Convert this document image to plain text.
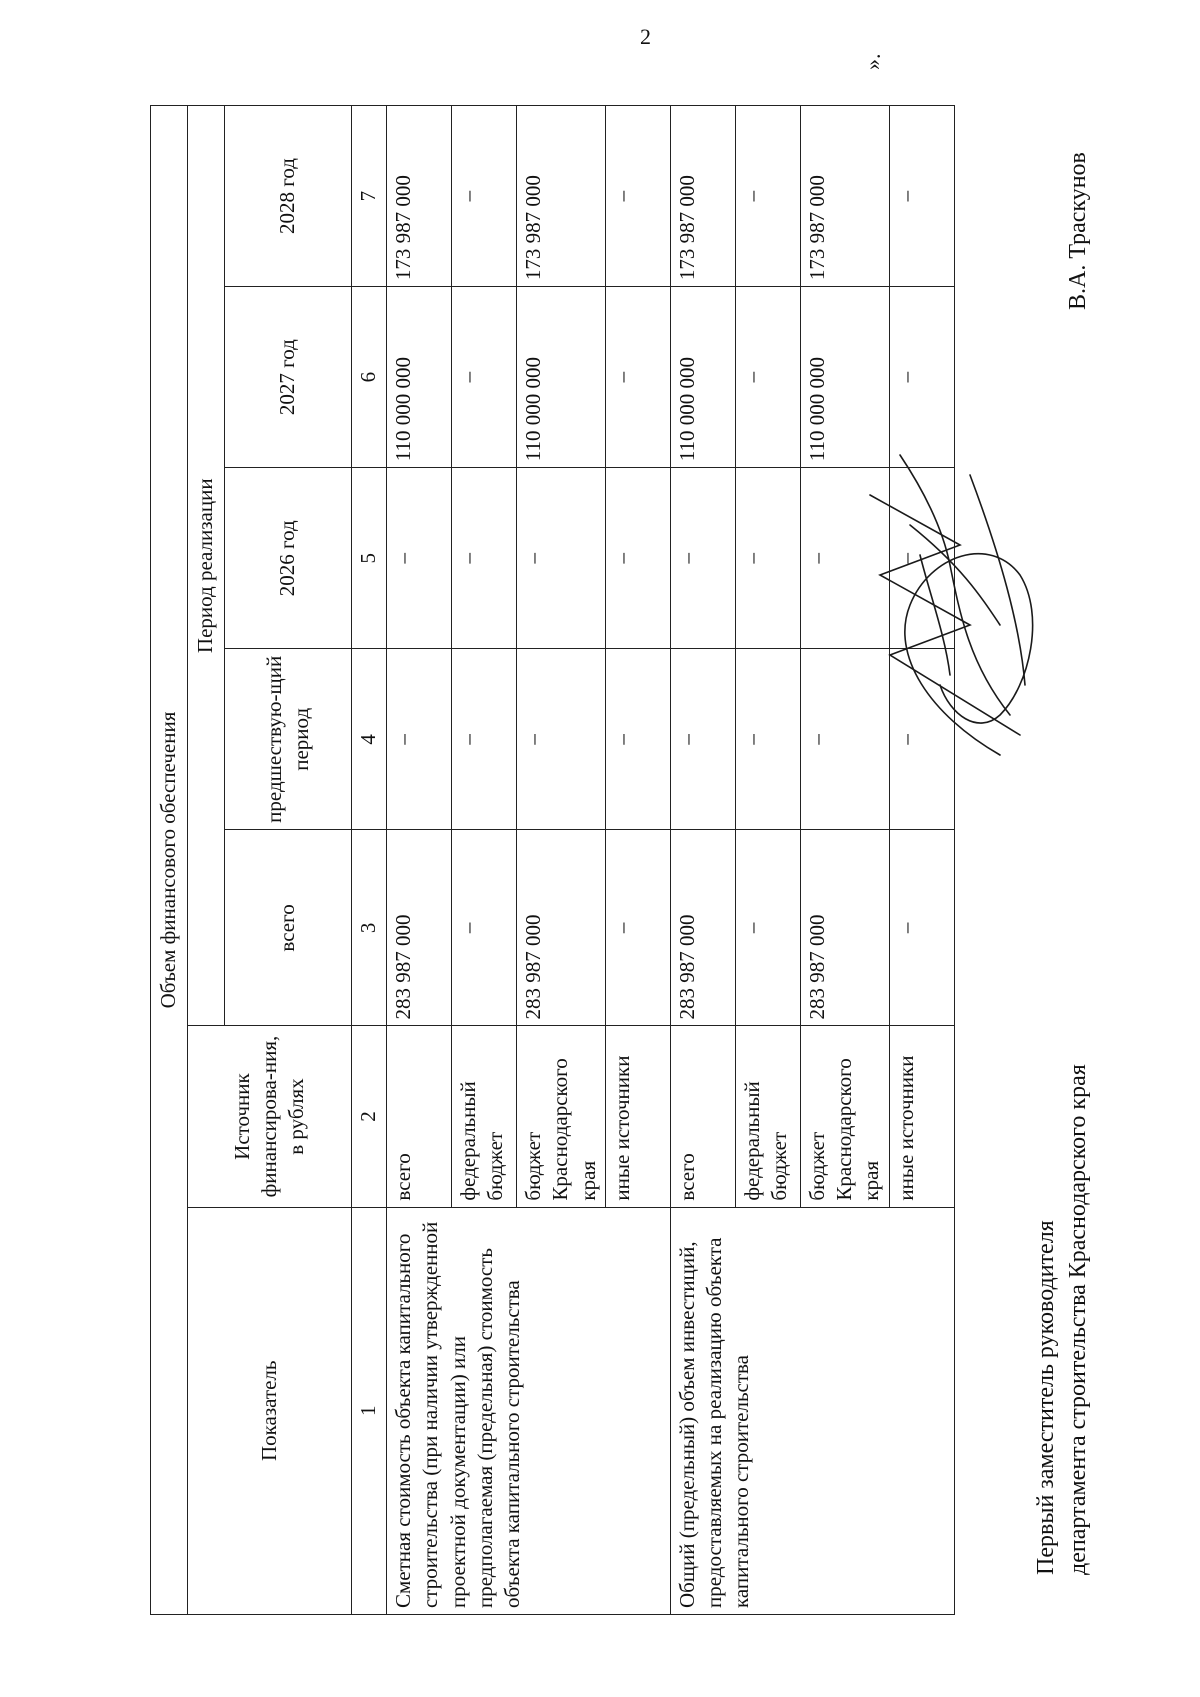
2
Объем финансового обеспечения						
Показатель	Источник финансирова-ния, в рублях	Период реализации				
		всего	предшествую-щий период	2026 год	2027 год	2028 год
1	2	3	4	5	6	7
Сметная стоимость объекта капитального строительства (при наличии утвержденной проектной документации) или предполагаемая (предельная) стоимость объекта капитального строительства	всего	283 987 000	–	–	110 000 000	173 987 000
	федеральный бюджет	–	–	–	–	–
	бюджет Краснодарского края	283 987 000	–	–	110 000 000	173 987 000
	иные источники	–	–	–	–	–
Общий (предельный) объем инвестиций, предоставляемых на реализацию объекта капитального строительства	всего	283 987 000	–	–	110 000 000	173 987 000
	федеральный бюджет	–	–	–	–	–
	бюджет Краснодарского края	283 987 000	–	–	110 000 000	173 987 000
	иные источники	–	–	–	–	–
».
Первый заместитель руководителя департамента строительства Краснодарского края
В.А. Траскунов
